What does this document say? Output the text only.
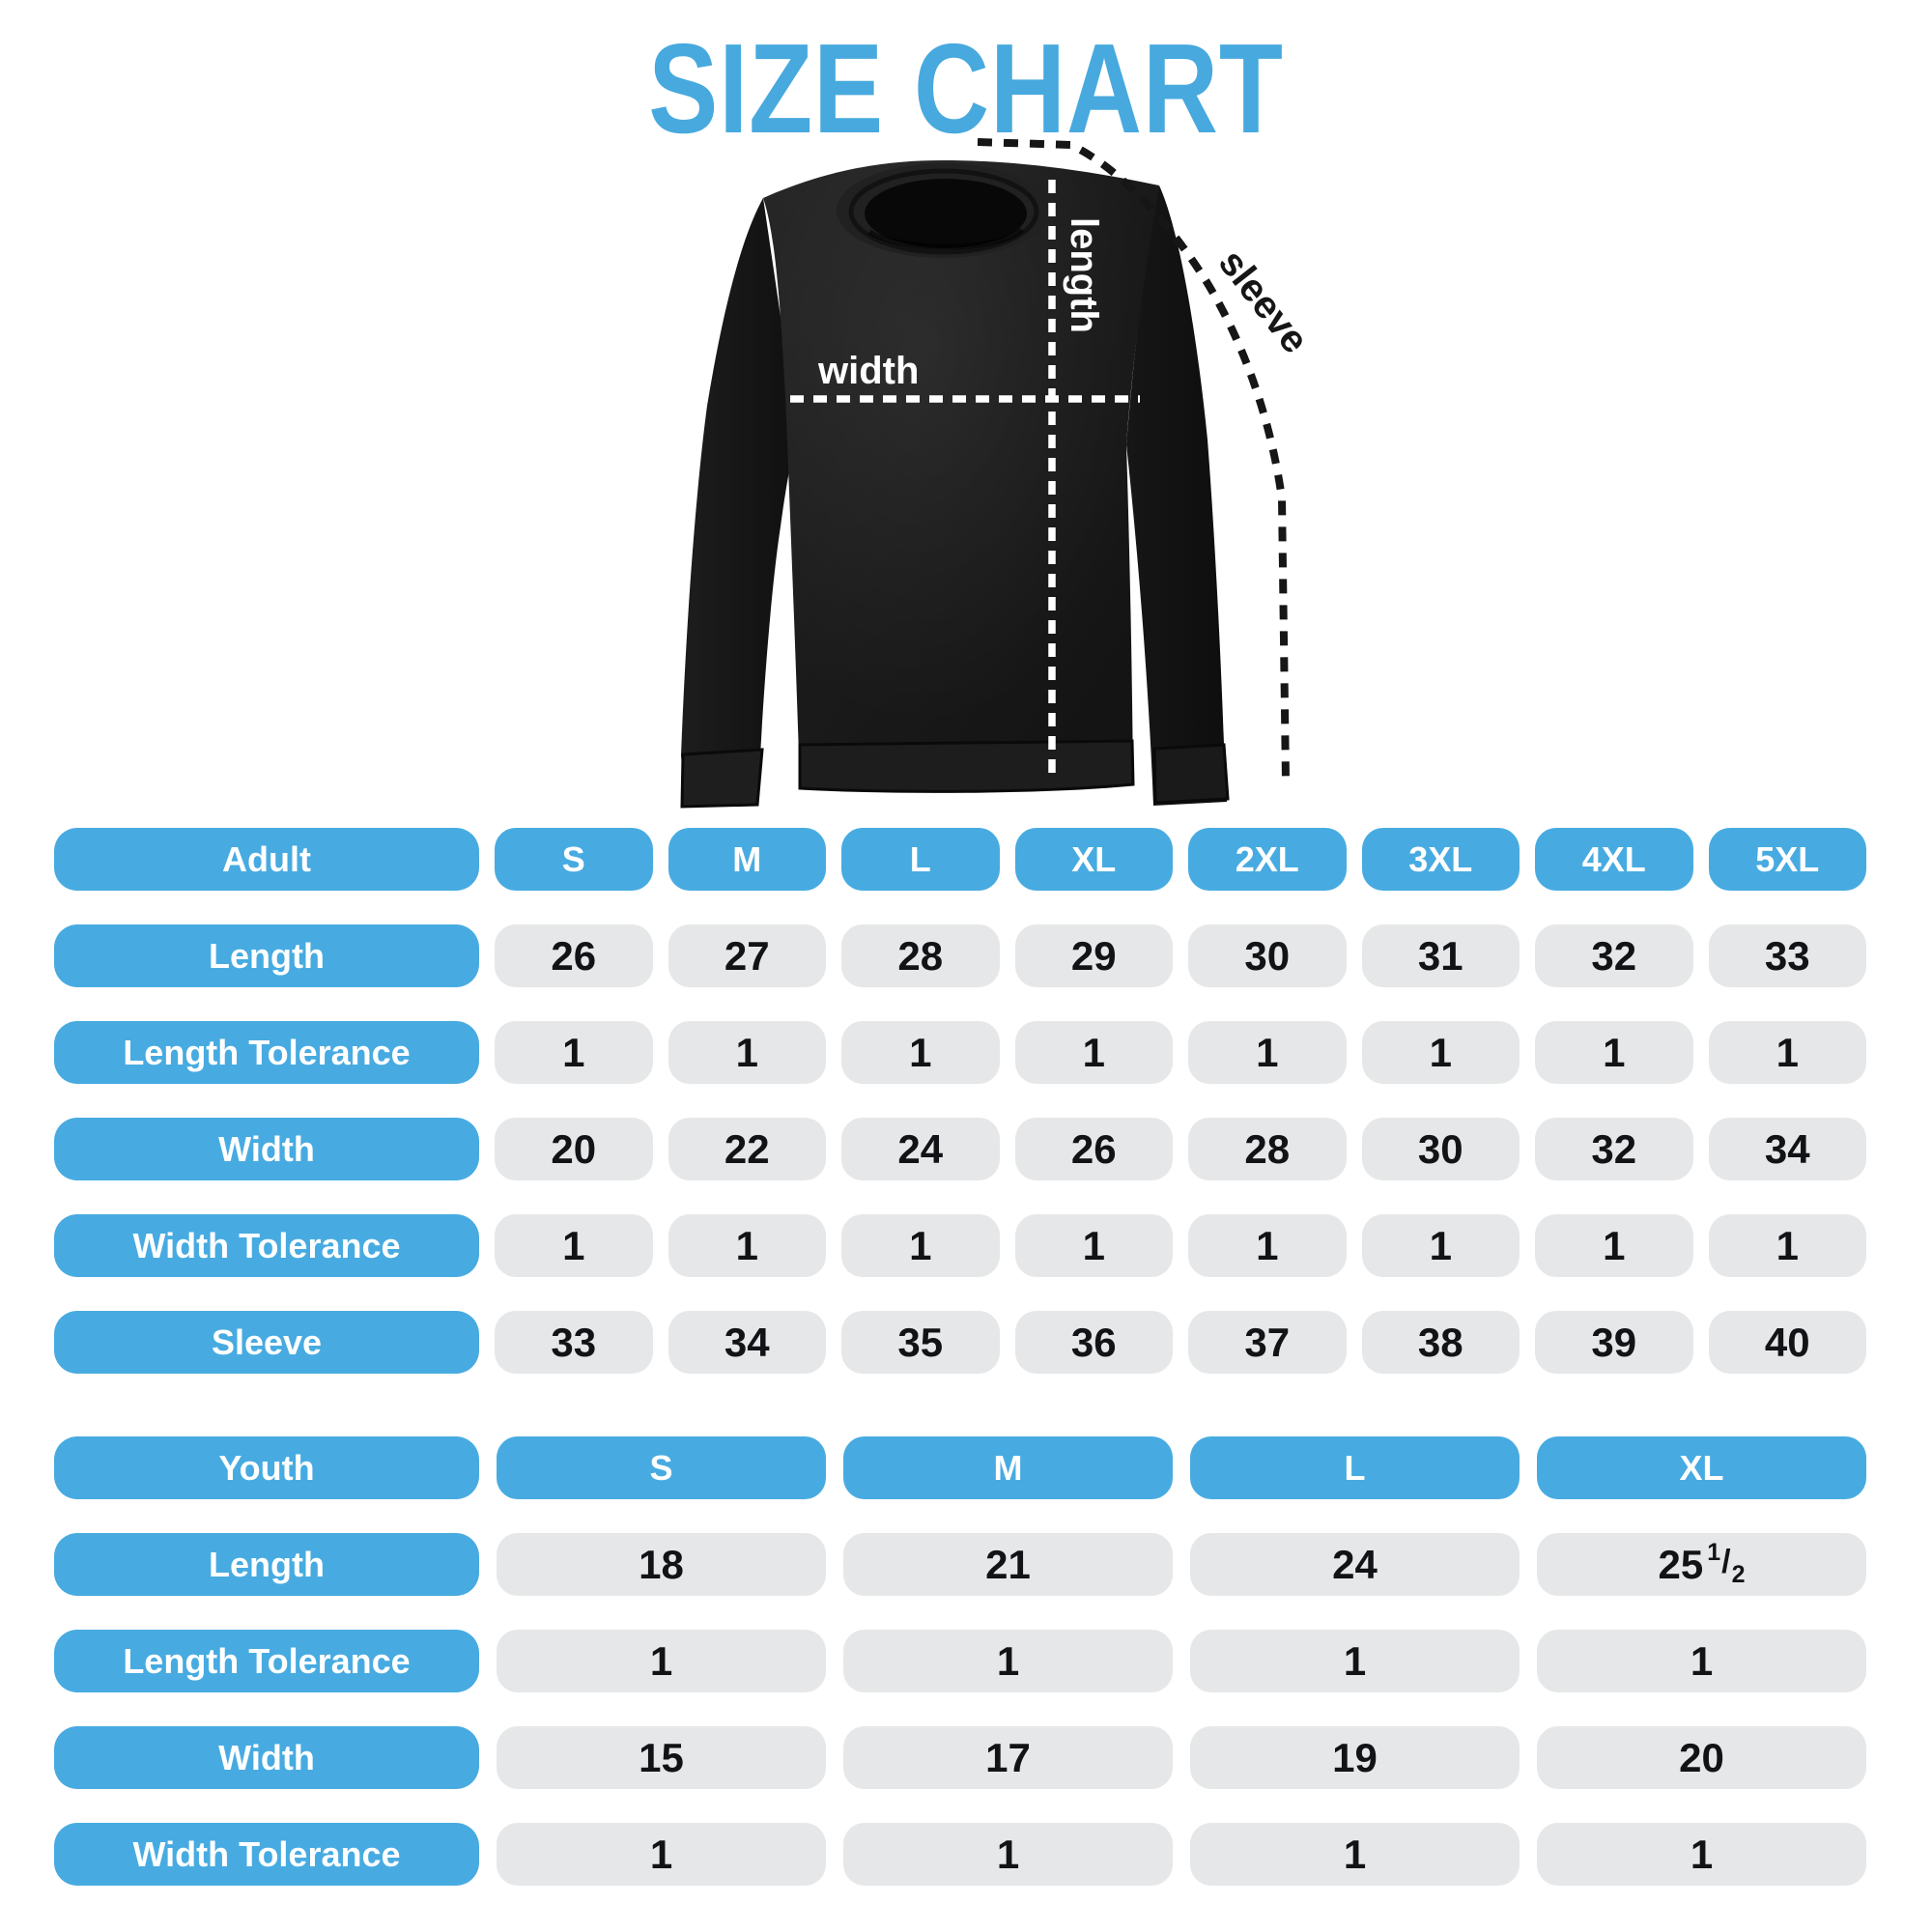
SIZE CHART
width
length	sleeve
Adult	S	M	L	XL	2XL	3XL	4XL	5XL
Length	26	27	28	29	30	31	32	33
Length Tolerance	1	1	1	1	1	1	1	1
Width	20	22	24	26	28	30	32	34
Width Tolerance	1	1	1	1	1	1	1	1
Sleeve	33	34	35	36	37	38	39	40
Youth	S	M	L	XL
Length	18	21	24	$25^1$ $/_2$
Length Tolerance	1	1	1	1
Width	15	17	19	20
Width Tolerance	1	1	1	1
